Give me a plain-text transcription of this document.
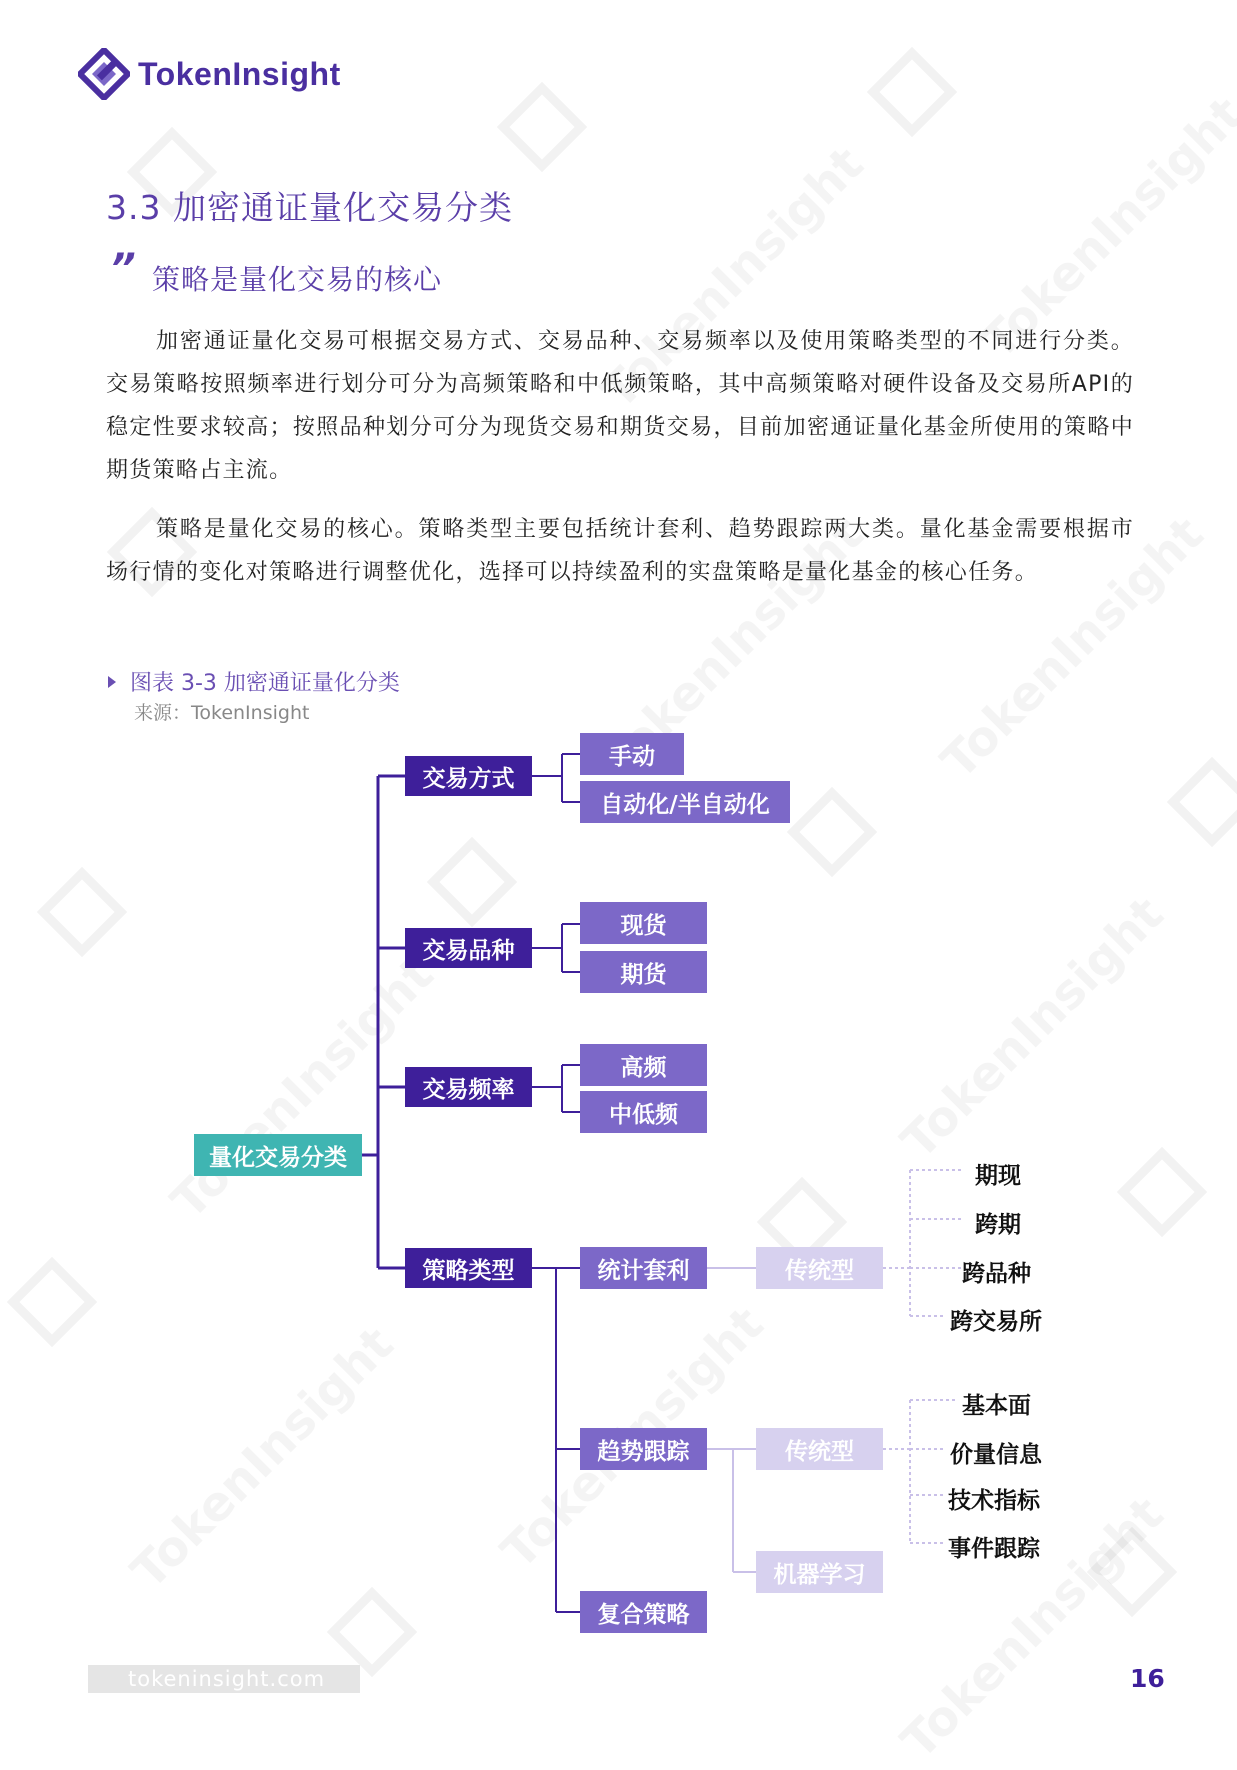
TokenInsight
3.3 加密通证量化交易分类
” 策略是量化交易的核心
加密通证量化交易可根据交易方式、交易品种、交易频率以及使用策略类型的不同进行分类。交易策略按照频率进行划分可分为高频策略和中低频策略，其中高频策略对硬件设备及交易所API的稳定性要求较高；按照品种划分可分为现货交易和期货交易，目前加密通证量化基金所使用的策略中期货策略占主流。
策略是量化交易的核心。策略类型主要包括统计套利、趋势跟踪两大类。量化基金需要根据市场行情的变化对策略进行调整优化，选择可以持续盈利的实盘策略是量化基金的核心任务。
图表 3-3 加密通证量化分类
来源：TokenInsight
量化交易分类
交易方式
手动
自动化/半自动化
交易品种
现货
期货
交易频率
高频
中低频
策略类型	统计套利	传统型
趋势跟踪	传统型
机器学习
复合策略
期现
跨期
跨品种
跨交易所
基本面
价量信息
技术指标
事件跟踪
tokeninsight.com	16
